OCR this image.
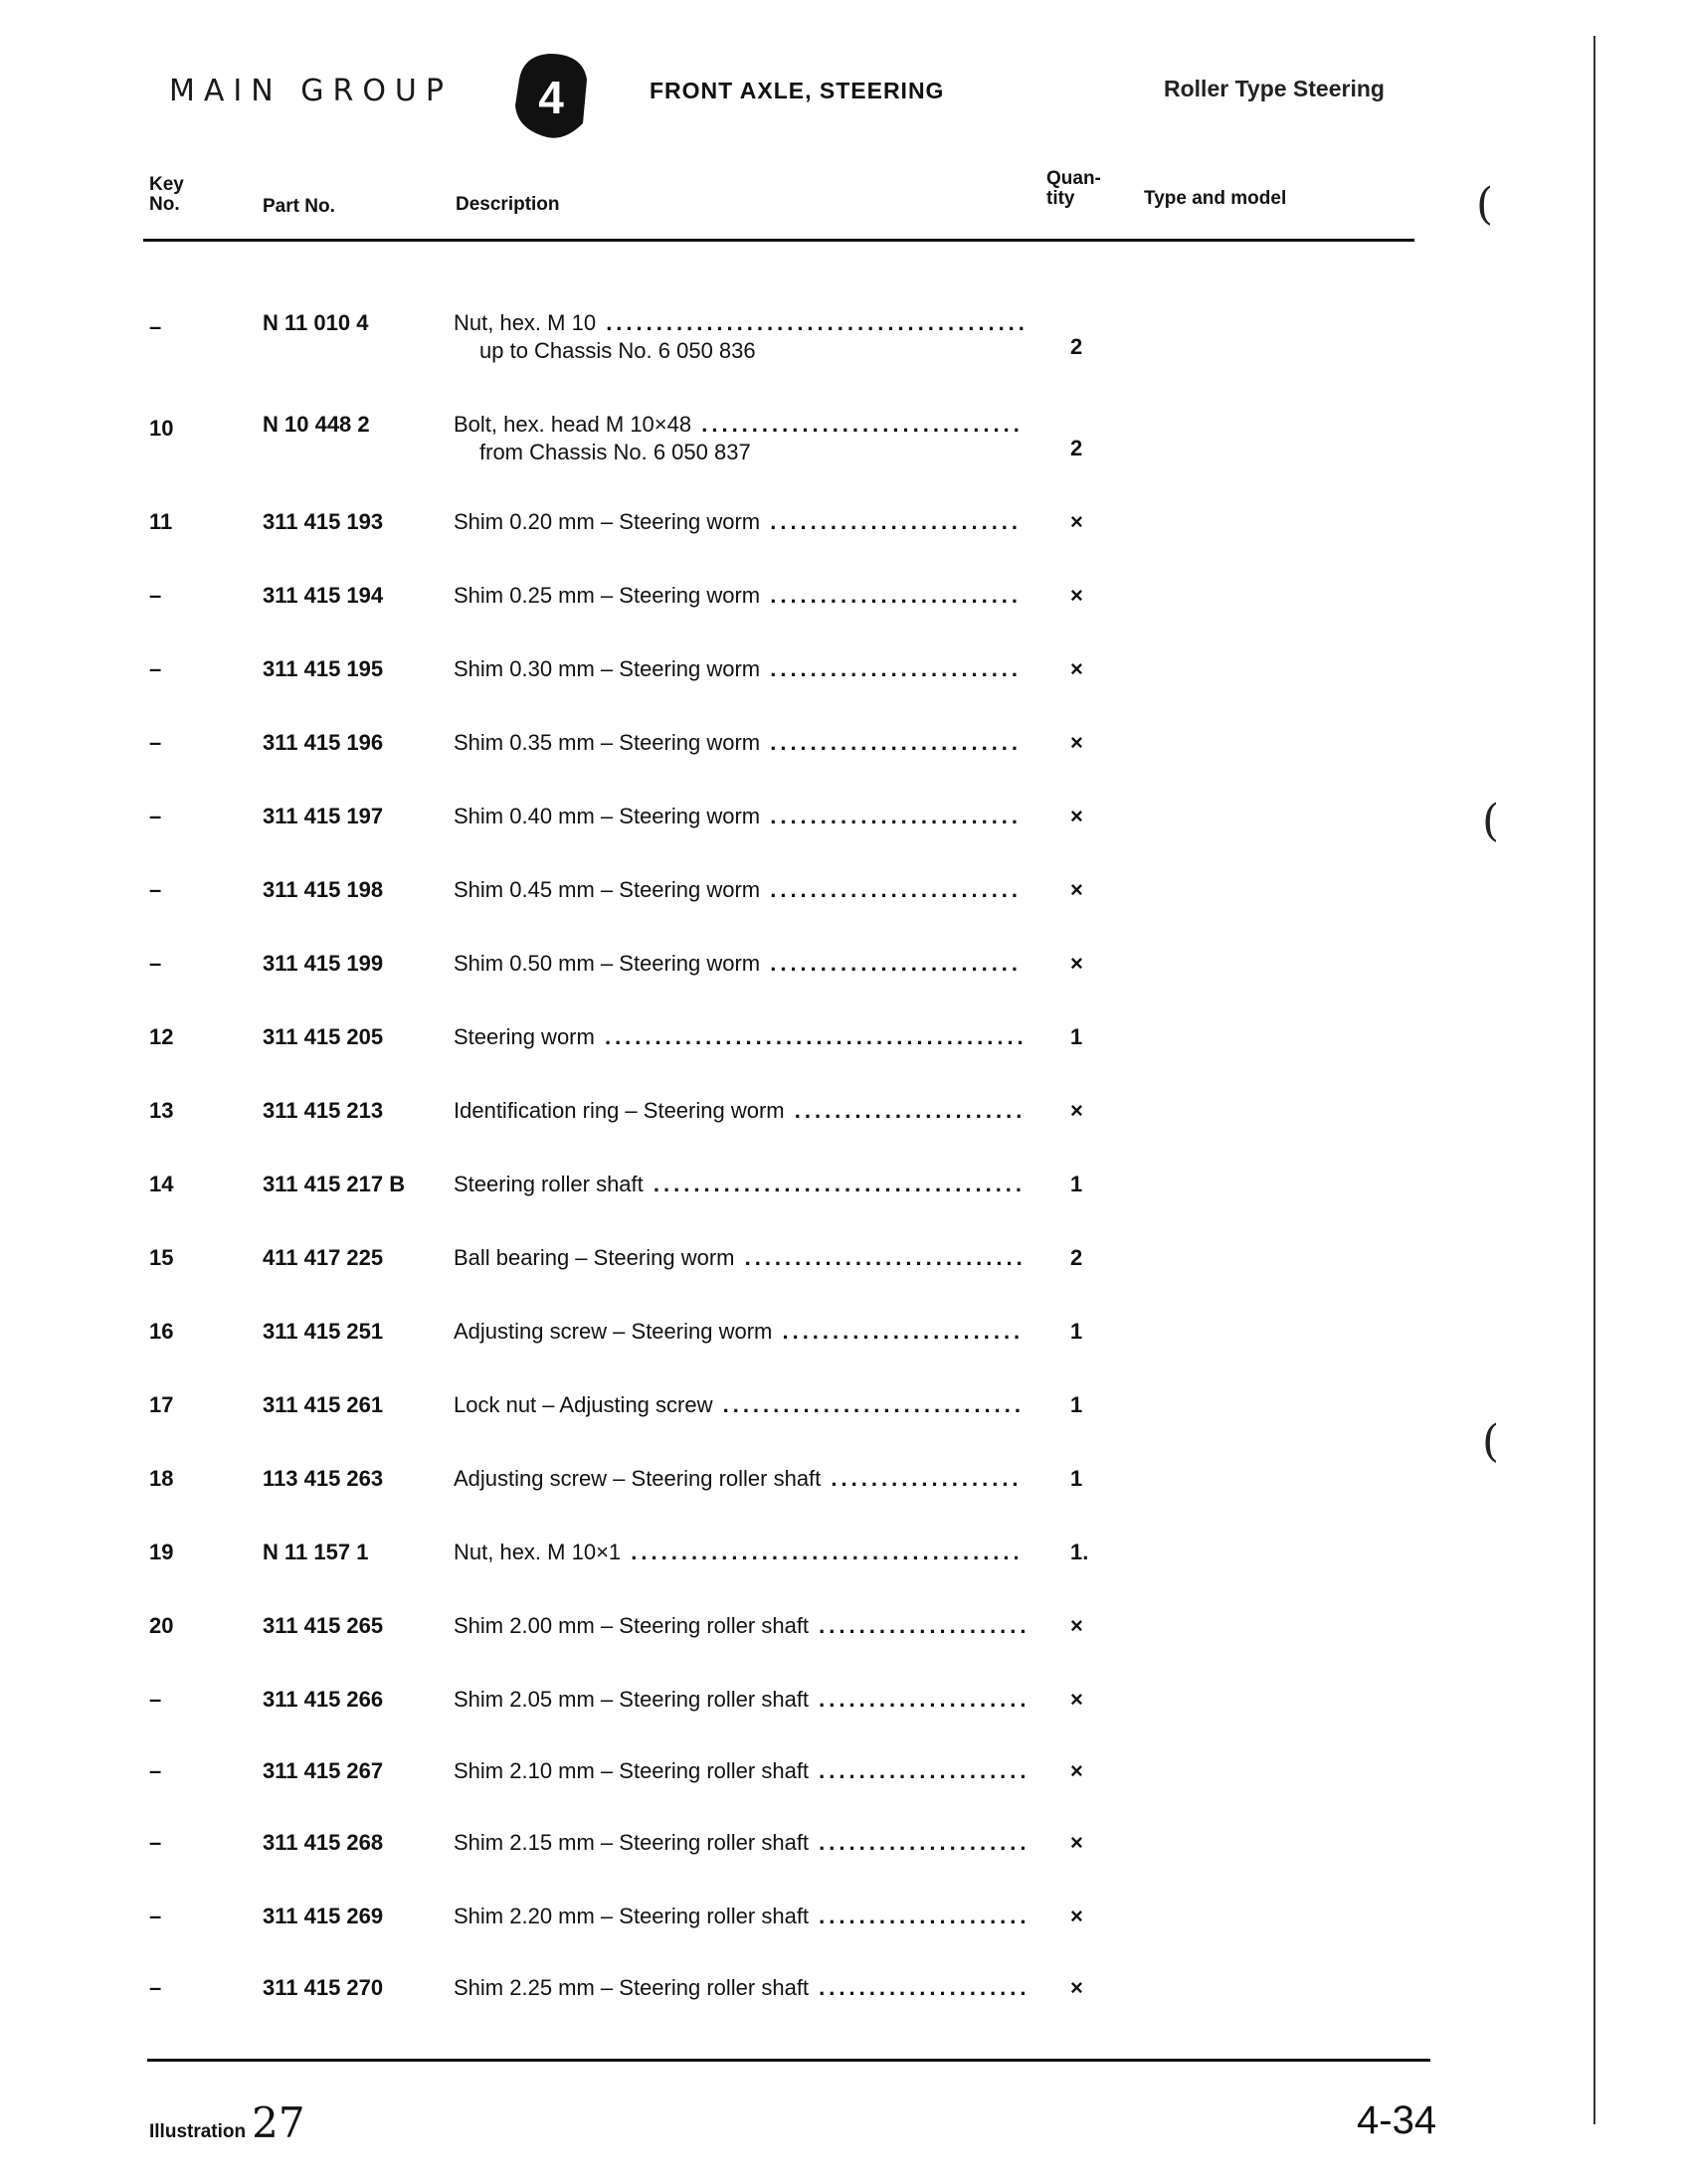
MAIN GROUP 4	FRONT AXLE, STEERING	Roller Type Steering
Key
No.	Part No.	Description
Quan-
tity	Type and model
–	N 11 010 4	Nut, hex. M 10 ..........................................
up to Chassis No. 6 050 836	2
10	N 10 448 2	Bolt, hex. head M 10×48 ................................
from Chassis No. 6 050 837	2
11	311 415 193	Shim 0.20 mm – Steering worm ......................... ×
–	311 415 194	Shim 0.25 mm – Steering worm ......................... ×
–	311 415 195	Shim 0.30 mm – Steering worm ......................... ×
–	311 415 196	Shim 0.35 mm – Steering worm ......................... ×
–	311 415 197	Shim 0.40 mm – Steering worm ......................... ×
–	311 415 198	Shim 0.45 mm – Steering worm ......................... ×
–	311 415 199	Shim 0.50 mm – Steering worm ......................... ×
12	311 415 205	Steering worm .......................................... 1
13	311 415 213	Identification ring – Steering worm ....................... ×
14	311 415 217 B Steering roller shaft ..................................... 1
15	411 417 225	Ball bearing – Steering worm ............................ 2
16	311 415 251	Adjusting screw – Steering worm ........................ 1
17	311 415 261	Lock nut – Adjusting screw .............................. 1
18	113 415 263	Adjusting screw – Steering roller shaft ................... 1
19	N 11 157 1	Nut, hex. M 10×1 ....................................... 1.
20	311 415 265	Shim 2.00 mm – Steering roller shaft ..................... ×
–	311 415 266	Shim 2.05 mm – Steering roller shaft ..................... ×
–	311 415 267	Shim 2.10 mm – Steering roller shaft ..................... ×
–	311 415 268	Shim 2.15 mm – Steering roller shaft ..................... ×
–	311 415 269	Shim 2.20 mm – Steering roller shaft ..................... ×
–	311 415 270	Shim 2.25 mm – Steering roller shaft ..................... ×
Illustration 27	4-34
(
(
(
